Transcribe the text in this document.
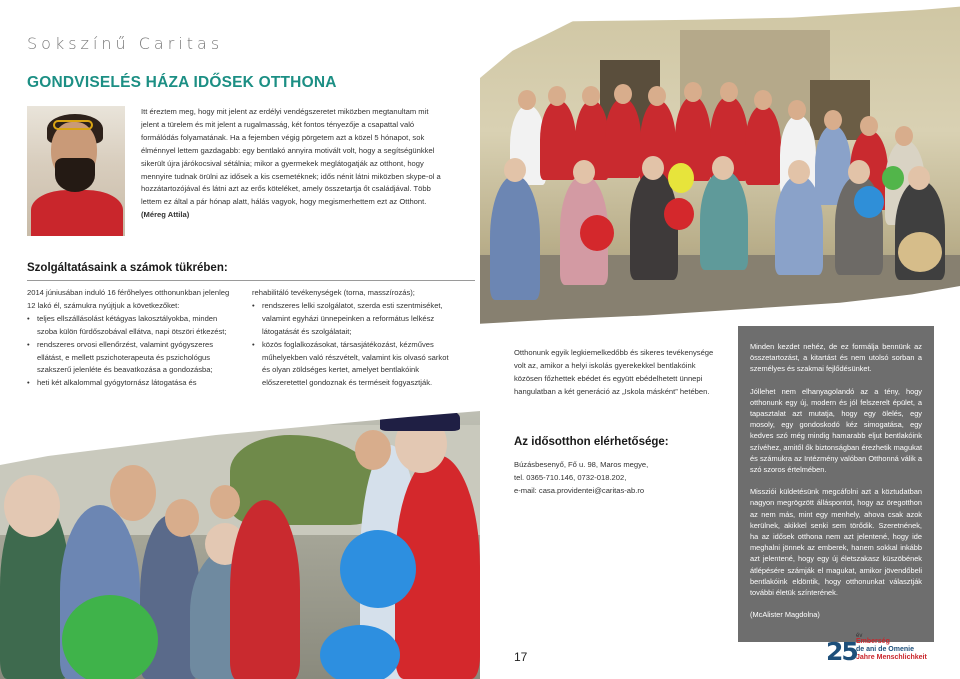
Sokszínű Caritas
GONDVISELÉS HÁZA IDŐSEK OTTHONA
Itt éreztem meg, hogy mit jelent az erdélyi vendégszeretet miközben megtanultam mit jelent a türelem és mit jelent a rugalmasság, két fontos tényezője a csapattal való formálódás folyamatának. Ha a fejemben végig pörgetem azt a közel 5 hónapot, sok élménnyel lettem gazdagabb: egy bentlakó annyira motivált volt, hogy a segítségünkkel sikerült újra járókocsival sétálnia; mikor a gyermekek meglátogatják az otthont, hogy mennyire tudnak örülni az idősek a kis csemetéknek; idős nénit látni miközben skype-ol a hozzátartozójával és látni azt az erős köteléket, amely összetartja őt családjával. Több lettem ez által a pár hónap alatt, hálás vagyok, hogy megismerhettem ezt az Otthont. (Méreg Attila)
Szolgáltatásaink a számok tükrében:
2014 júniusában induló 16 férőhelyes otthonunkban jelenleg 12 lakó él, számukra nyújtjuk a következőket:
• teljes ellszállásolást kétágyas lakosztályokba, minden szoba külön fürdőszobával ellátva, napi ötszöri étkezést;
• rendszeres orvosi ellenőrzést, valamint gyógyszeres ellátást, e mellett pszichoterapeuta és pszichológus szakszerű jelenléte és beavatkozása a gondozásba;
• heti két alkalommal gyógytornász látogatása és
rehabilitáló tevékenységek (torna, masszírozás);
• rendszeres lelki szolgálatot, szerda esti szentmiséket, valamint egyházi ünnepeinken a református lelkész látogatását és szolgálatait;
• közös foglalkozásokat, társasjátékozást, kézműves műhelyekben való részvételt, valamint kis olvasó sarkot és olyan zöldséges kertet, amelyet bentlakóink előszeretettel gondoznak és terméseit fogyasztják.
Otthonunk egyik legkiemelkedőbb és sikeres tevékenysége volt az, amikor a helyi iskolás gyerekekkel bentlakóink közösen főzhettek ebédet és együtt ebédelhetett ünnepi hangulatban a két generáció az „Iskola másként” hetében.
Az idősotthon elérhetősége:
Búzásbesenyő, Fő u. 98, Maros megye,
tel. 0365-710.146, 0732-018.202,
e-mail: casa.providentei@caritas-ab.ro

Minden kezdet nehéz, de ez formálja bennünk az összetartozást, a kitartást és nem utolsó sorban a személyes és szakmai fejlődésünket.

Jóllehet nem elhanyagolandó az a tény, hogy otthonunk egy új, modern és jól felszerelt épület, a tapasztalat azt mutatja, hogy egy ölelés, egy mosoly, egy gondoskodó kéz simogatása, egy kedves szó még mindig hamarabb eljut bentlakóink szívéhez, amitől ők biztonságban érezhetik magukat és számukra az Intézmény valóban Otthonná válik a szó szoros értelmében.

Missziói küldetésünk megcáfolni azt a köztudatban nagyon megrögzött álláspontot, hogy az öregotthon az nem más, mint egy menhely, ahova csak azok kerülnek, akikkel senki sem törődik. Szeretnének, ha az idősek otthona nem azt jelentené, hogy ide meghalni jönnek az emberek, hanem sokkal inkább azt jelentené, hogy egy új életszakasz küszöbének átlépésére számják el magukat, amikor jövendőbeli bentlakóink eldöntik, hogy otthonunkat választják további életük színterének.

(McAlister Magdolna)

17	25
év
Emberség
de ani de Omenie
Jahre Menschlichkeit
